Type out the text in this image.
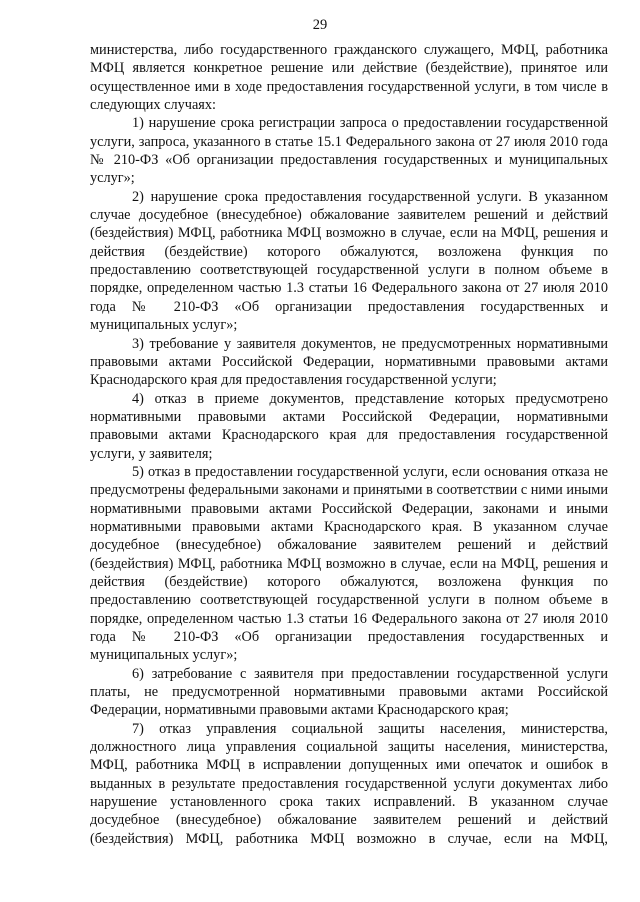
29

министерства, либо государственного гражданского служащего, МФЦ, работника МФЦ является конкретное решение или действие (бездействие), принятое или осуществленное ими в ходе предоставления государственной услуги, в том числе в следующих случаях:

1) нарушение срока регистрации запроса о предоставлении государственной услуги, запроса, указанного в статье 15.1 Федерального закона от 27 июля 2010 года № 210-ФЗ «Об организации предоставления государственных и муниципальных услуг»;

2) нарушение срока предоставления государственной услуги. В указанном случае досудебное (внесудебное) обжалование заявителем решений и действий (бездействия) МФЦ, работника МФЦ возможно в случае, если на МФЦ, решения и действия (бездействие) которого обжалуются, возложена функция по предоставлению соответствующей государственной услуги в полном объеме в порядке, определенном частью 1.3 статьи 16 Федерального закона от 27 июля 2010 года № 210-ФЗ «Об организации предоставления государственных и муниципальных услуг»;

3) требование у заявителя документов, не предусмотренных нормативными правовыми актами Российской Федерации, нормативными правовыми актами Краснодарского края для предоставления государственной услуги;

4) отказ в приеме документов, представление которых предусмотрено нормативными правовыми актами Российской Федерации, нормативными правовыми актами Краснодарского края для предоставления государственной услуги, у заявителя;

5) отказ в предоставлении государственной услуги, если основания отказа не предусмотрены федеральными законами и принятыми в соответствии с ними иными нормативными правовыми актами Российской Федерации, законами и иными нормативными правовыми актами Краснодарского края. В указанном случае досудебное (внесудебное) обжалование заявителем решений и действий (бездействия) МФЦ, работника МФЦ возможно в случае, если на МФЦ, решения и действия (бездействие) которого обжалуются, возложена функция по предоставлению соответствующей государственной услуги в полном объеме в порядке, определенном частью 1.3 статьи 16 Федерального закона от 27 июля 2010 года № 210-ФЗ «Об организации предоставления государственных и муниципальных услуг»;

6) затребование с заявителя при предоставлении государственной услуги платы, не предусмотренной нормативными правовыми актами Российской Федерации, нормативными правовыми актами Краснодарского края;

7) отказ управления социальной защиты населения, министерства, должностного лица управления социальной защиты населения, министерства, МФЦ, работника МФЦ в исправлении допущенных ими опечаток и ошибок в выданных в результате предоставления государственной услуги документах либо нарушение установленного срока таких исправлений. В указанном случае досудебное (внесудебное) обжалование заявителем решений и действий (бездействия) МФЦ, работника МФЦ возможно в случае, если на МФЦ,
